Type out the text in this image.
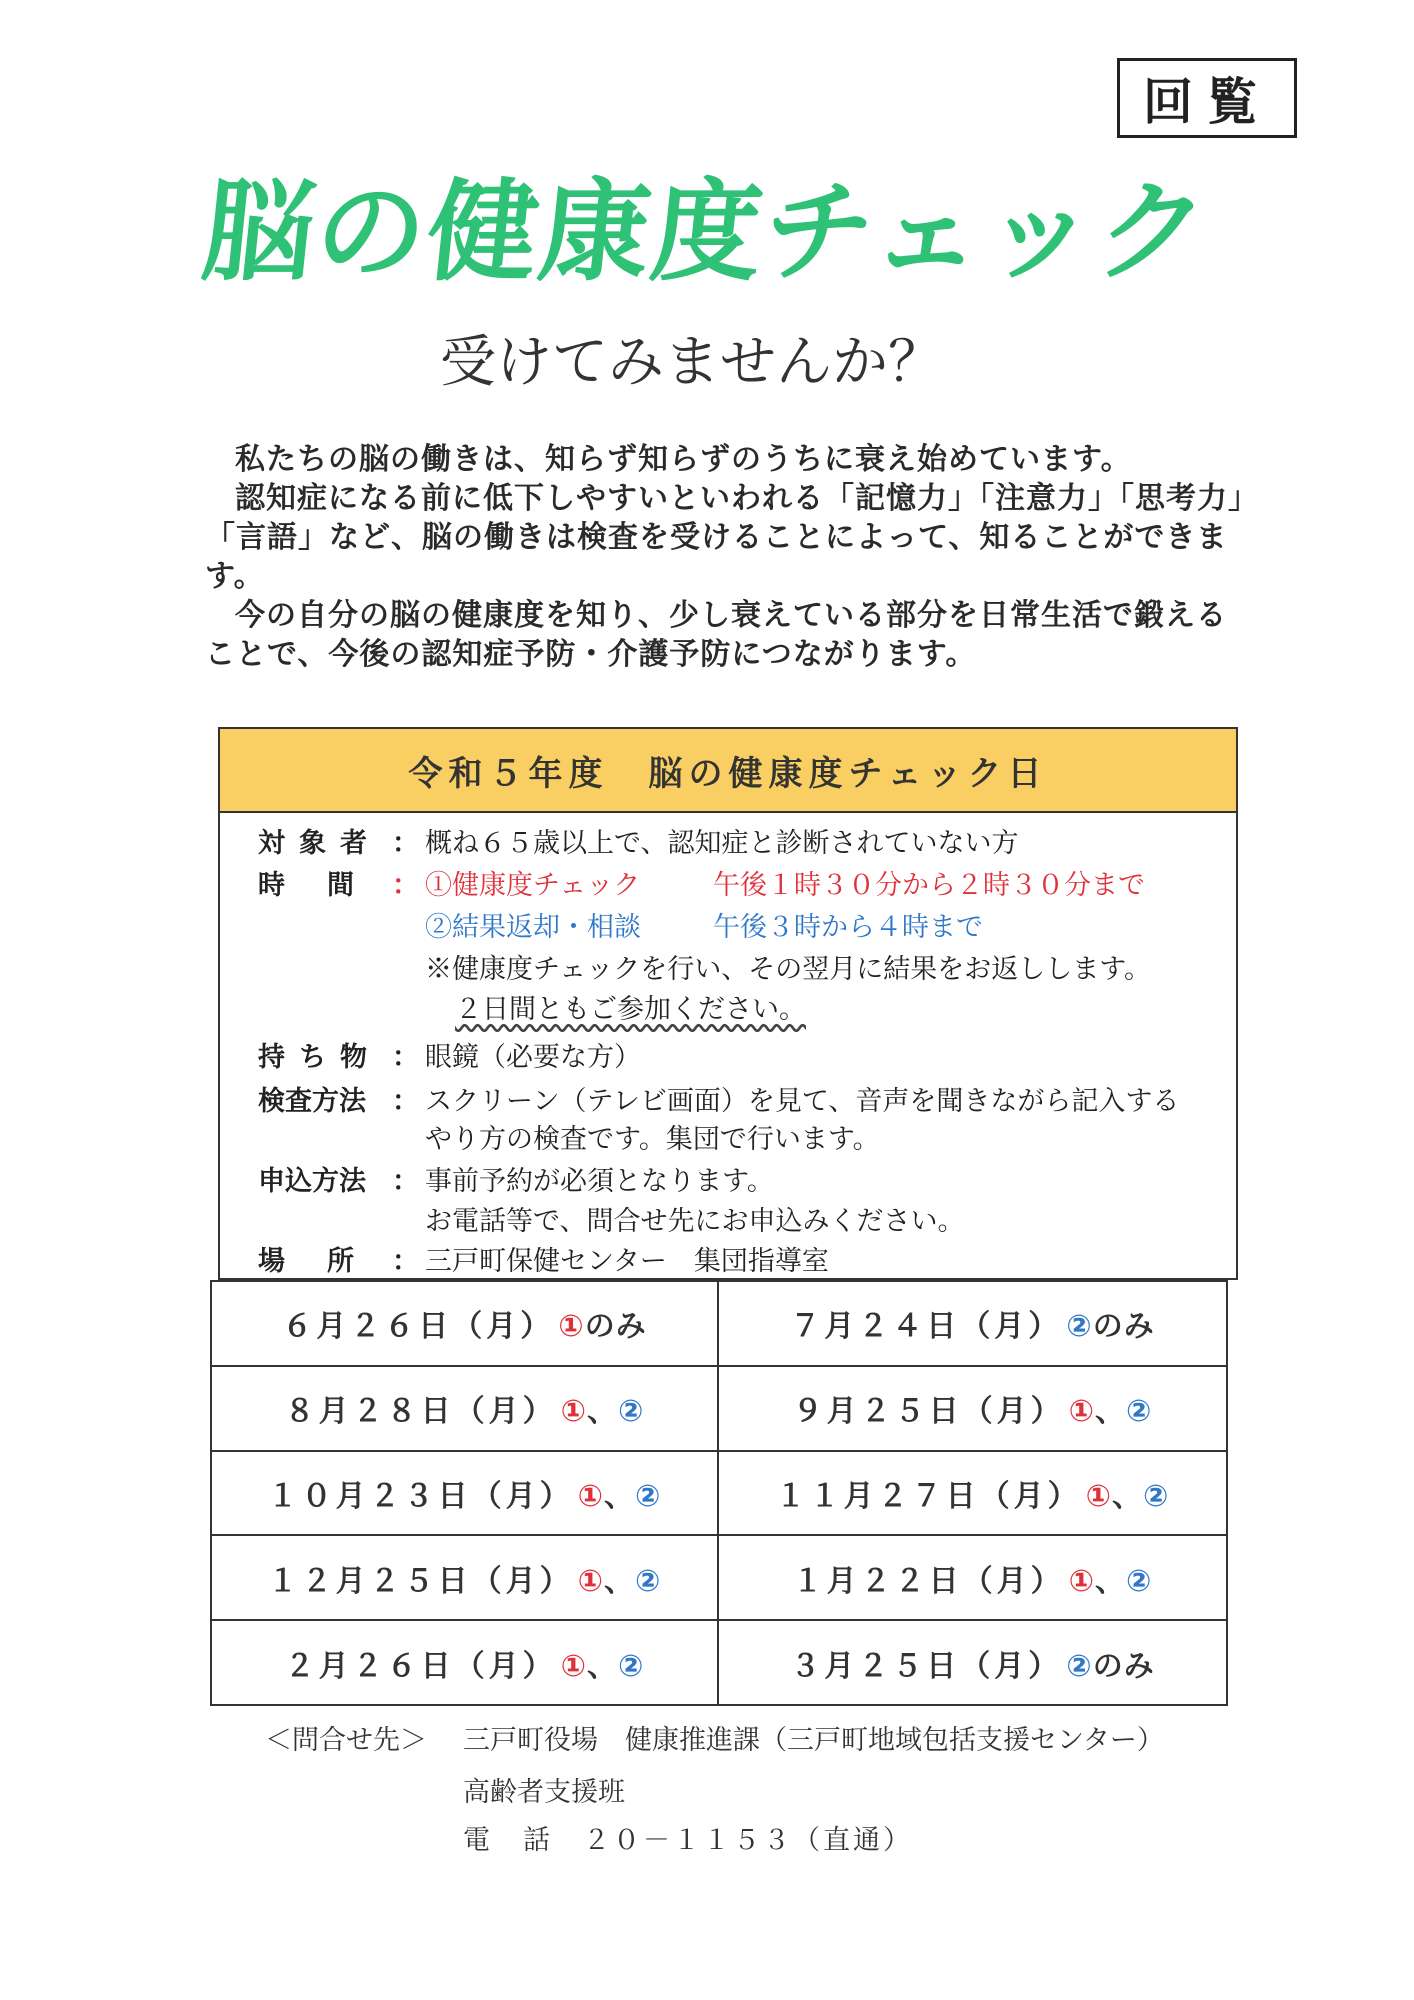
回覧
脳の健康度チェック
受けてみませんか？

私たちの脳の働きは、知らず知らずのうちに衰え始めています。

認知症になる前に低下しやすいといわれる「記憶力」「注意力」「思考力」「言語」など、脳の働きは検査を受けることによって、知ることができます。

今の自分の脳の健康度を知り、少し衰えている部分を日常生活で鍛えることで、今後の認知症予防・介護予防につながります。

令和５年度　脳の健康度チェック日
対象者 ： 概ね６５歳以上で、認知症と診断されていない方
時間
： ①健康度チェック	午後１時３０分から２時３０分まで
②結果返却・相談	午後３時から４時まで
※健康度チェックを行い、その翌月に結果をお返しします。
２日間ともご参加ください。
持ち物 ： 眼鏡（必要な方）
検査方法 ： スクリーン（テレビ画面）を見て、音声を聞きながら記入する
やり方の検査です。集団で行います。
申込方法 ： 事前予約が必須となります。
お電話等で、問合せ先にお申込みください。
場所
： 三戸町保健センター　集団指導室
６月２６日（月） ①のみ	７月２４日（月） ②のみ
８月２８日（月） ①、②	９月２５日（月） ①、②
１０月２３日（月） ①、②	１１月２７日（月） ①、②
１２月２５日（月） ①、②	１月２２日（月） ①、②
２月２６日（月） ①、②	３月２５日（月） ②のみ
＜問合せ先＞ 三戸町役場　健康推進課（三戸町地域包括支援センター）
高齢者支援班
電　話　２０－１１５３（直通）
